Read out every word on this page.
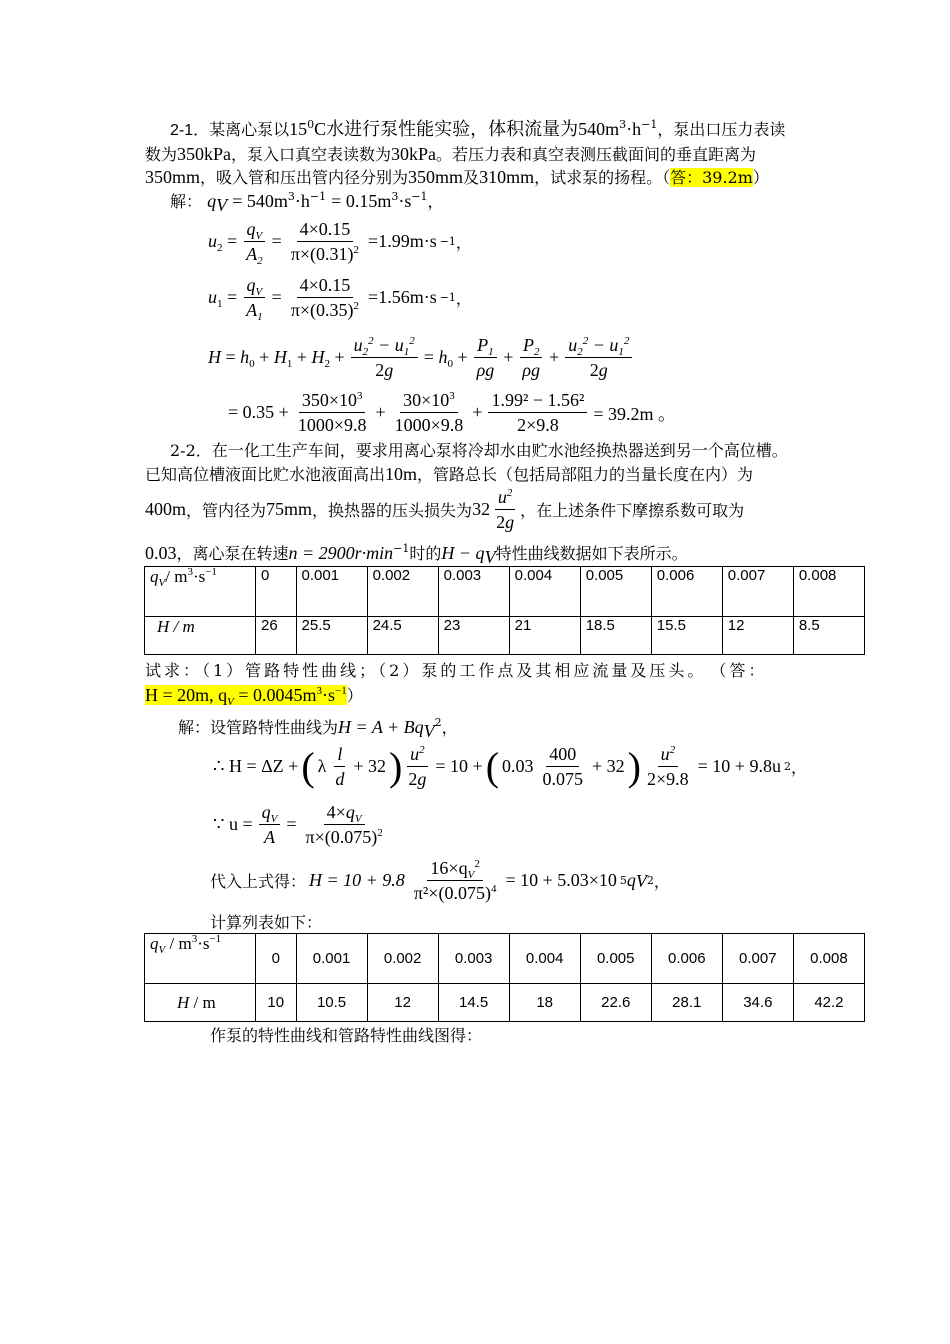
2-1．某离心泵以$15^0C$水进行泵性能实验，体积流量为$540m^3\cdot h^{-1}$，泵出口压力表读
数为350kPa，泵入口真空表读数为30kPa。若压力表和真空表测压截面间的垂直距离为
350mm，吸入管和压出管内径分别为350mm及310mm，试求泵的扬程。（答：39.2m）
解： $q_V = 540m^3\cdot h^{-1} = 0.15m^3\cdot s^{-1}$，
$u_2 = \frac{q_V}{A_2} = \frac{4\times 0.15}{\pi\times(0.31)^2} =1.99m\cdot s -1$ ，
$u_1 = \frac{q_V}{A_1} = \frac{4\times 0.15}{\pi\times(0.35)^2} =1.56m\cdot s -1$ ，
$H = h_0 + H_1 + H_2 + \frac{u_2^2 - u_1^2}{2g} = h_0 + \frac{P_1}{\rho g} + \frac{P_2}{\rho g} + \frac{u_2^2 - u_1^2}{2g}$
= $0.35 + \frac{350\times 10^3}{1000\times 9.8} + \frac{30\times 10^3}{1000\times 9.8} + \frac{\text{1.99² − 1.56²}}{2\times 9.8} = 39.2m$ 。
2-2．在一化工生产车间，要求用离心泵将冷却水由贮水池经换热器送到另一个高位槽。
已知高位槽液面比贮水池液面高出10m，管路总长（包括局部阻力的当量长度在内）为
400m ，管内径为 75mm ，换热器的压头损失为 $32 \frac{u^2}{2g}$ ，在上述条件下摩擦系数可取为
0.03，离心泵在转速$n = 2900r\cdot\min^{-1}$时的$H - q_V$特性曲线数据如下表所示。
$q_V/$ $m^3\cdot s^{-1}$	0	0.001	0.002	0.003	0.004	0.005	0.006	0.007	0.008
H / m	26	25.5	24.5	23	21	18.5	15.5	12	8.5
试求：（1）管路特性曲线；（2）泵的工作点及其相应流量及压头。 （答：
H = 20m, $q_V = 0.0045m^3\cdot s^{-1}$）
解：设管路特性曲线为$H = A + Bq_V^2$，
∴ H = ΔZ + ( λ $\frac{l}{d} + 32$ ) $\frac{u^2}{2g} = 10$ + ( $0.03 \frac{400}{0.075} + 32$ ) $\frac{u^2}{2\times 9.8} = 10 + 9.8u$ 2 ，
∵ $u = \frac{q_V}{A} = \frac{4\times q_V}{\pi\times(0.075)^2}$
代入上式得： $H = 10 + 9.8 \frac{16\times q_V^2}{\pi^2\times(0.075)^4} = 10 + 5.03\times 10$ 5 q V 2 ，
计算列表如下：
$q_V / m^3\cdot s^{-1}$	0	0.001	0.002	0.003	0.004	0.005	0.006	0.007	0.008
H / m	10	10.5	12	14.5	18	22.6	28.1	34.6	42.2
作泵的特性曲线和管路特性曲线图得：
